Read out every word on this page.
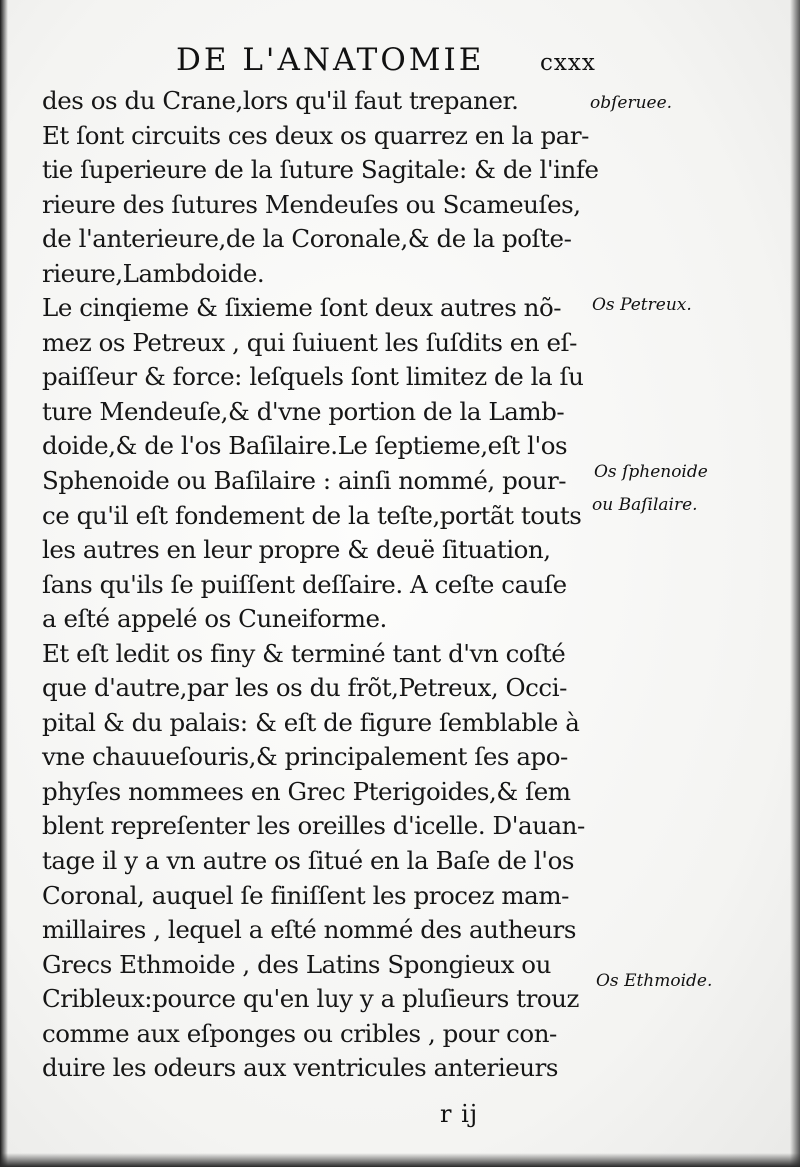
DE L'ANATOMIE cxxx
des os du Crane,lors qu'il faut trepaner.
Et ſont circuits ces deux os quarrez en la par-
tie ſuperieure de la ſuture Sagitale: & de l'infe
rieure des ſutures Mendeuſes ou Scameuſes,
de l'anterieure,de la Coronale,& de la poſte-
rieure,Lambdoide.
Le cinqieme & ſixieme ſont deux autres nõ-
mez os Petreux , qui ſuiuent les ſuſdits en eſ-
paiſſeur & force: leſquels ſont limitez de la ſu
ture Mendeuſe,& d'vne portion de la Lamb-
doide,& de l'os Baſilaire.Le ſeptieme,eſt l'os
Sphenoide ou Baſilaire : ainſi nommé, pour-
ce qu'il eſt fondement de la teſte,portãt touts
les autres en leur propre & deuë ſituation,
ſans qu'ils ſe puiſſent deſſaire. A ceſte cauſe
a eſté appelé os Cuneiforme.
Et eſt ledit os finy & terminé tant d'vn coſté
que d'autre,par les os du frõt,Petreux, Occi-
pital & du palais: & eſt de figure ſemblable à
vne chauueſouris,& principalement ſes apo-
phyſes nommees en Grec Pterigoides,& ſem
blent repreſenter les oreilles d'icelle. D'auan-
tage il y a vn autre os ſitué en la Baſe de l'os
Coronal, auquel ſe finiſſent les procez mam-
millaires , lequel a eſté nommé des autheurs
Grecs Ethmoide , des Latins Spongieux ou
Cribleux:pource qu'en luy y a pluſieurs trouz
comme aux eſponges ou cribles , pour con-
duire les odeurs aux ventricules anterieurs
obſeruee.
Os Petreux.
Os ſphenoide
ou Baſilaire.
Os Ethmoide.
r ij
